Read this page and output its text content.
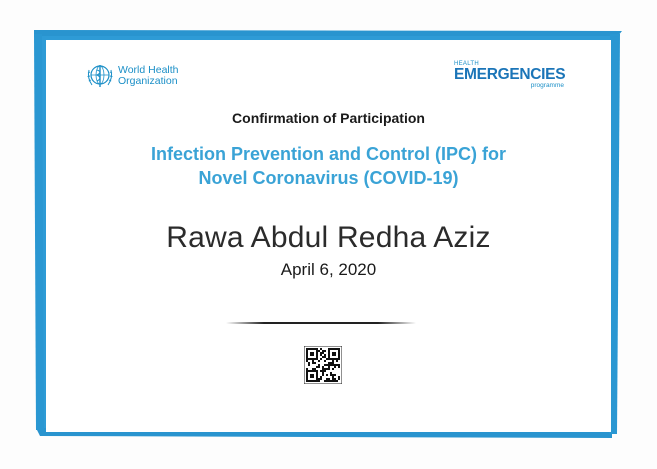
World Health
Organization
HEALTH
EMERGENCIES
programme
Confirmation of Participation
Infection Prevention and Control (IPC) for
Novel Coronavirus (COVID-19)
Rawa Abdul Redha Aziz
April 6, 2020
